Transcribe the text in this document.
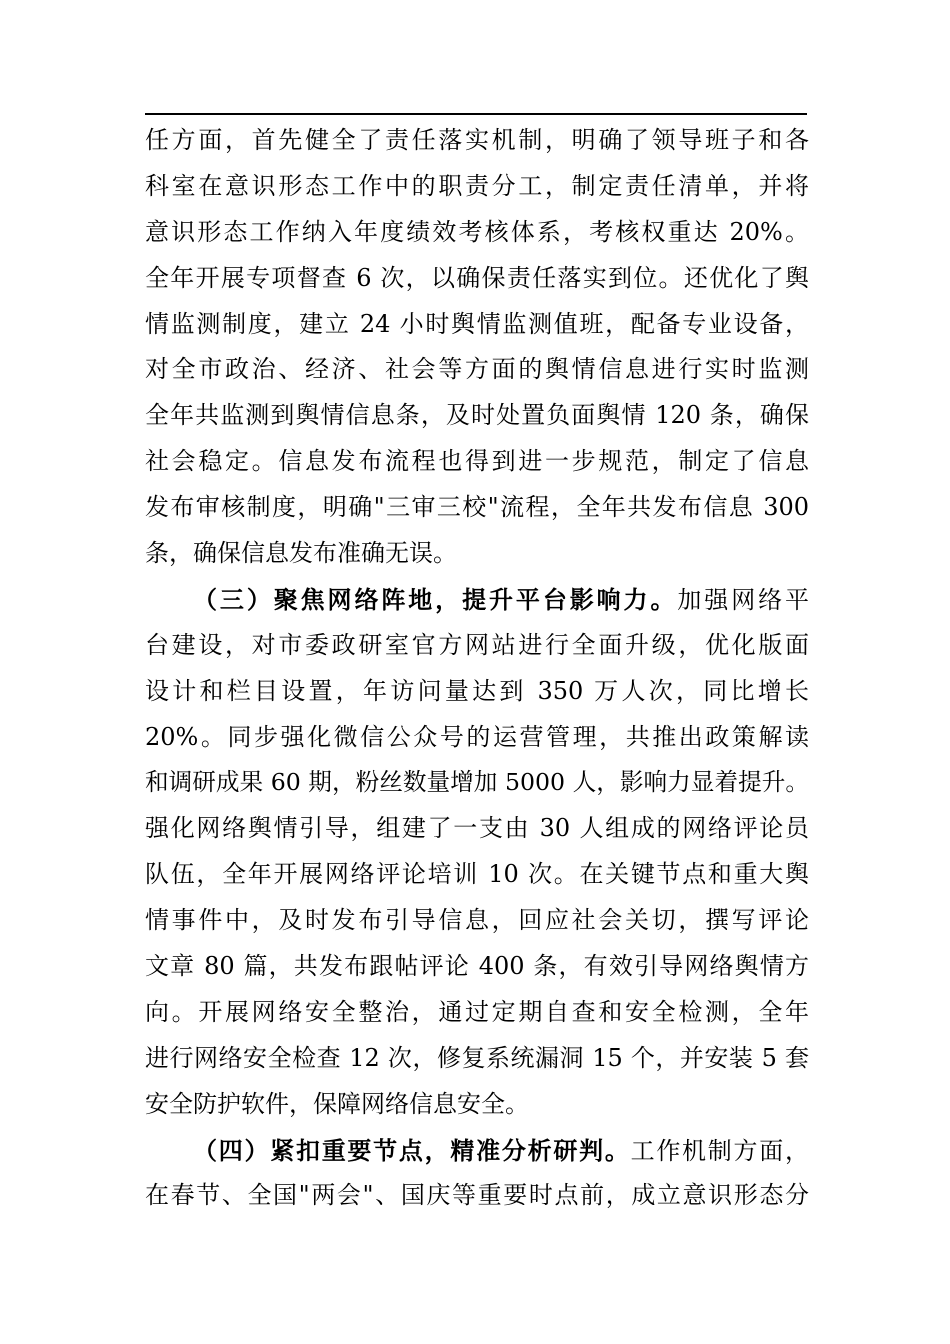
任方面，首先健全了责任落实机制，明确了领导班子和各
科室在意识形态工作中的职责分工，制定责任清单，并将
意识形态工作纳入年度绩效考核体系，考核权重达 20%。
全年开展专项督查 6 次，以确保责任落实到位。还优化了舆
情监测制度，建立 24 小时舆情监测值班，配备专业设备，
对全市政治、经济、社会等方面的舆情信息进行实时监测
全年共监测到舆情信息条，及时处置负面舆情 120 条，确保
社会稳定。信息发布流程也得到进一步规范，制定了信息
发布审核制度，明确"三审三校"流程，全年共发布信息 300
条，确保信息发布准确无误。
（三）聚焦网络阵地，提升平台影响力。加强网络平
台建设，对市委政研室官方网站进行全面升级，优化版面
设计和栏目设置，年访问量达到 350 万人次，同比增长
20%。同步强化微信公众号的运营管理，共推出政策解读
和调研成果 60 期，粉丝数量增加 5000 人，影响力显着提升。
强化网络舆情引导，组建了一支由 30 人组成的网络评论员
队伍，全年开展网络评论培训 10 次。在关键节点和重大舆
情事件中，及时发布引导信息，回应社会关切，撰写评论
文章 80 篇，共发布跟帖评论 400 条，有效引导网络舆情方
向。开展网络安全整治，通过定期自查和安全检测，全年
进行网络安全检查 12 次，修复系统漏洞 15 个，并安装 5 套
安全防护软件，保障网络信息安全。
（四）紧扣重要节点，精准分析研判。工作机制方面，
在春节、全国"两会"、国庆等重要时点前，成立意识形态分
